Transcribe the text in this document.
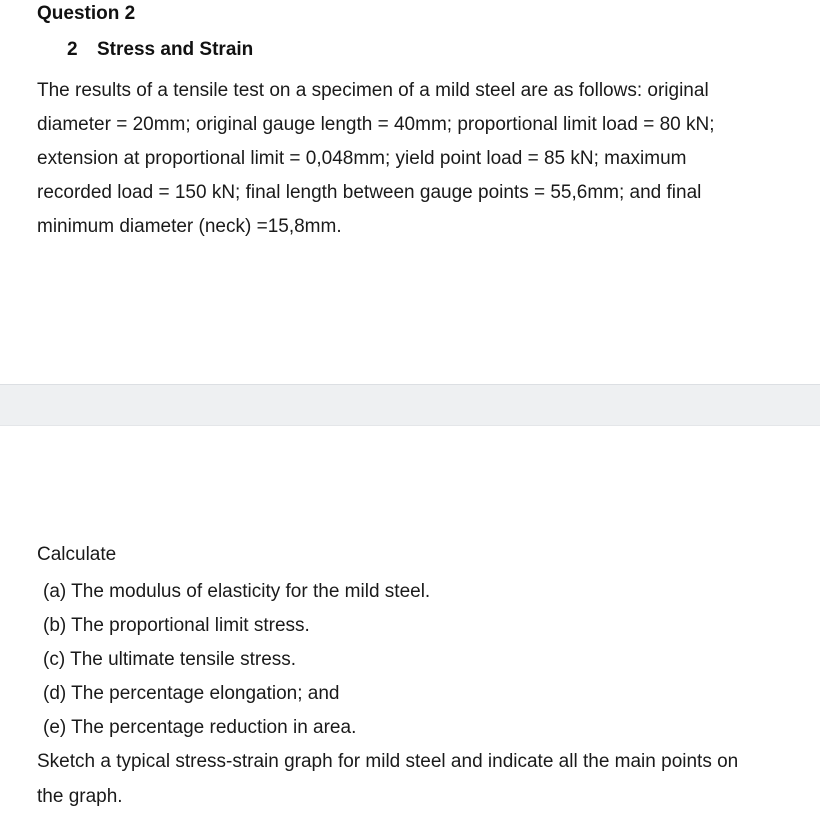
Question 2
2 Stress and Strain
The results of a tensile test on a specimen of a mild steel are as follows: original
diameter = 20mm; original gauge length = 40mm; proportional limit load = 80 kN;
extension at proportional limit = 0,048mm; yield point load = 85 kN; maximum
recorded load = 150 kN; final length between gauge points = 55,6mm; and final
minimum diameter (neck) =15,8mm.
Calculate
(a) The modulus of elasticity for the mild steel.
(b) The proportional limit stress.
(c) The ultimate tensile stress.
(d) The percentage elongation; and
(e) The percentage reduction in area.
Sketch a typical stress-strain graph for mild steel and indicate all the main points on
the graph.
